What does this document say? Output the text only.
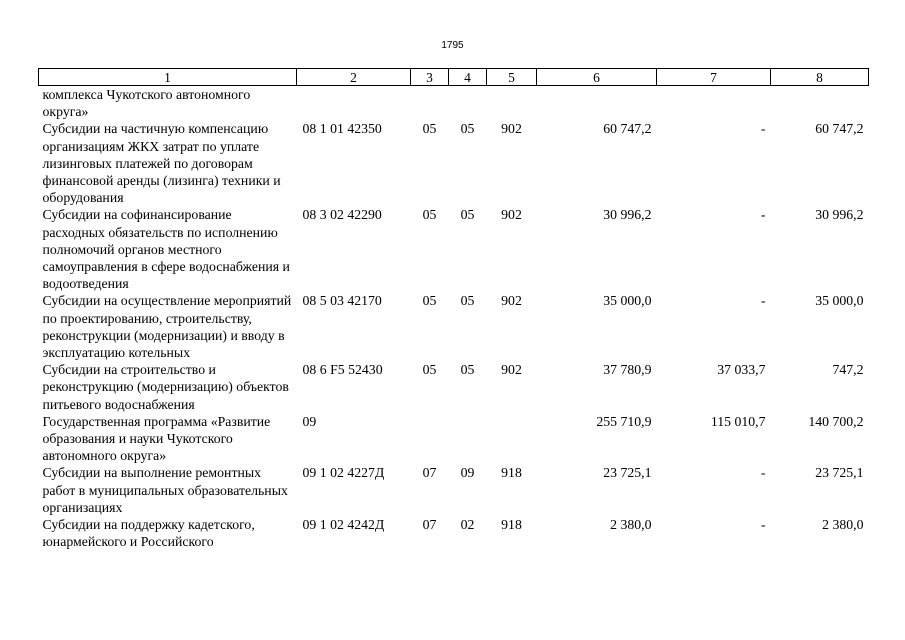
1795
1	2	3	4	5	6	7	8
комплекса Чукотского автономного округа»							
Субсидии на частичную компенсацию организациям ЖКХ затрат по уплате лизинговых платежей по договорам финансовой аренды (лизинга) техники и оборудования	08 1 01 42350	05	05	902	60 747,2	-	60 747,2
Субсидии на софинансирование расходных обязательств по исполнению полномочий органов местного самоуправления в сфере водоснабжения и водоотведения	08 3 02 42290	05	05	902	30 996,2	-	30 996,2
Субсидии на осуществление мероприятий по проектированию, строительству, реконструкции (модернизации) и вводу в эксплуатацию котельных	08 5 03 42170	05	05	902	35 000,0	-	35 000,0
Субсидии на строительство и реконструкцию (модернизацию) объектов питьевого водоснабжения	08 6 F5 52430	05	05	902	37 780,9	37 033,7	747,2
Государственная программа «Развитие образования и науки Чукотского автономного округа»	09				255 710,9	115 010,7	140 700,2
Субсидии на выполнение ремонтных работ в муниципальных образовательных организациях	09 1 02 4227Д	07	09	918	23 725,1	-	23 725,1
Субсидии на поддержку кадетского, юнармейского и Российского	09 1 02 4242Д	07	02	918	2 380,0	-	2 380,0
